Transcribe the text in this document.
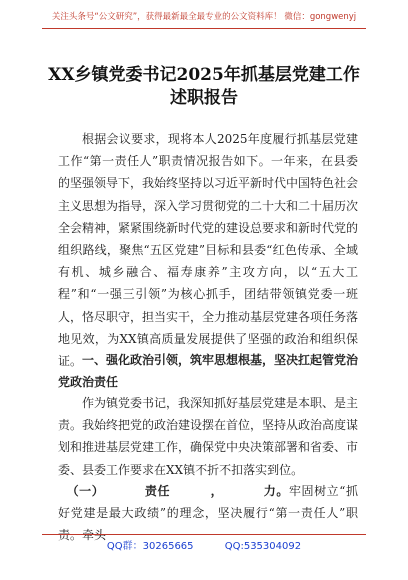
关注头条号“公文研究”，获得最新最全最专业的公文资料库！ 微信：gongwenyj
XX乡镇党委书记2025年抓基层党建工作
述职报告

根据会议要求，现将本人2025年度履行抓基层党建工作“第一责任人”职责情况报告如下。一年来，在县委的坚强领导下，我始终坚持以习近平新时代中国特色社会主义思想为指导，深入学习贯彻党的二十大和二十届历次全会精神，紧紧围绕新时代党的建设总要求和新时代党的组织路线，聚焦“五区党建”目标和县委“红色传承、全域有机、城乡融合、福寿康养”主攻方向，以“五大工程”和“一强三引领”为核心抓手，团结带领镇党委一班人，恪尽职守，担当实干，全力推动基层党建各项任务落地见效，为XX镇高质量发展提供了坚强的政治和组织保证。 一、强化政治引领，筑牢思想根基，坚决扛起管党治党政治责任

作为镇党委书记，我深知抓好基层党建是本职、是主责。我始终把党的政治建设摆在首位，坚持从政治高度谋划和推进基层党建工作，确保党中央决策部署和省委、市委、县委工作要求在XX镇不折不扣落实到位。

（一）	责任	，	力。牢固树立“抓好党建是最大政绩”的理念，坚决履行“第一责任人”职责。牵头

QQ群：30265665	QQ:535304092
